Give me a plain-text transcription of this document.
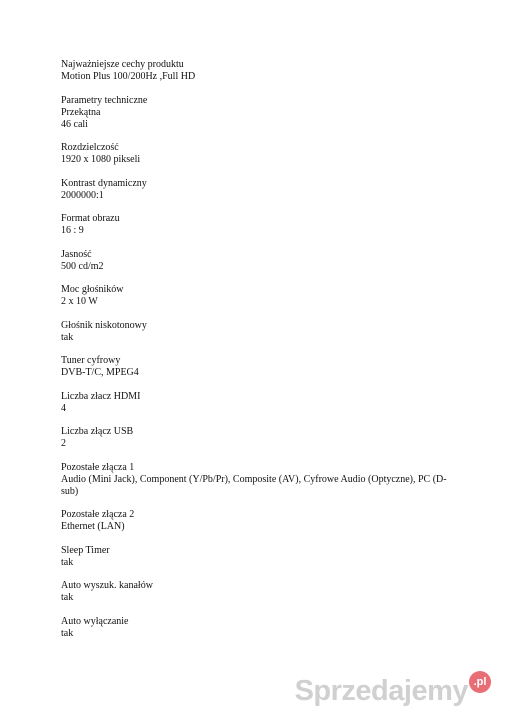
Najważniejsze cechy produktu

Motion Plus 100/200Hz ,Full HD

Parametry techniczne

Przekątna

46 cali

Rozdzielczość

1920 x 1080 pikseli

Kontrast dynamiczny

2000000:1

Format obrazu

16 : 9

Jasność

500 cd/m2

Moc głośników

2 x 10 W

Głośnik niskotonowy

tak

Tuner cyfrowy

DVB-T/C, MPEG4

Liczba złacz HDMI

4

Liczba złącz USB

2

Pozostałe złącza 1

Audio (Mini Jack), Component (Y/Pb/Pr), Composite (AV), Cyfrowe Audio (Optyczne), PC (D-sub)

Pozostałe złącza 2

Ethernet (LAN)

Sleep Timer

tak

Auto wyszuk. kanałów

tak

Auto wyłączanie

tak

Sprzedajemy .pl
